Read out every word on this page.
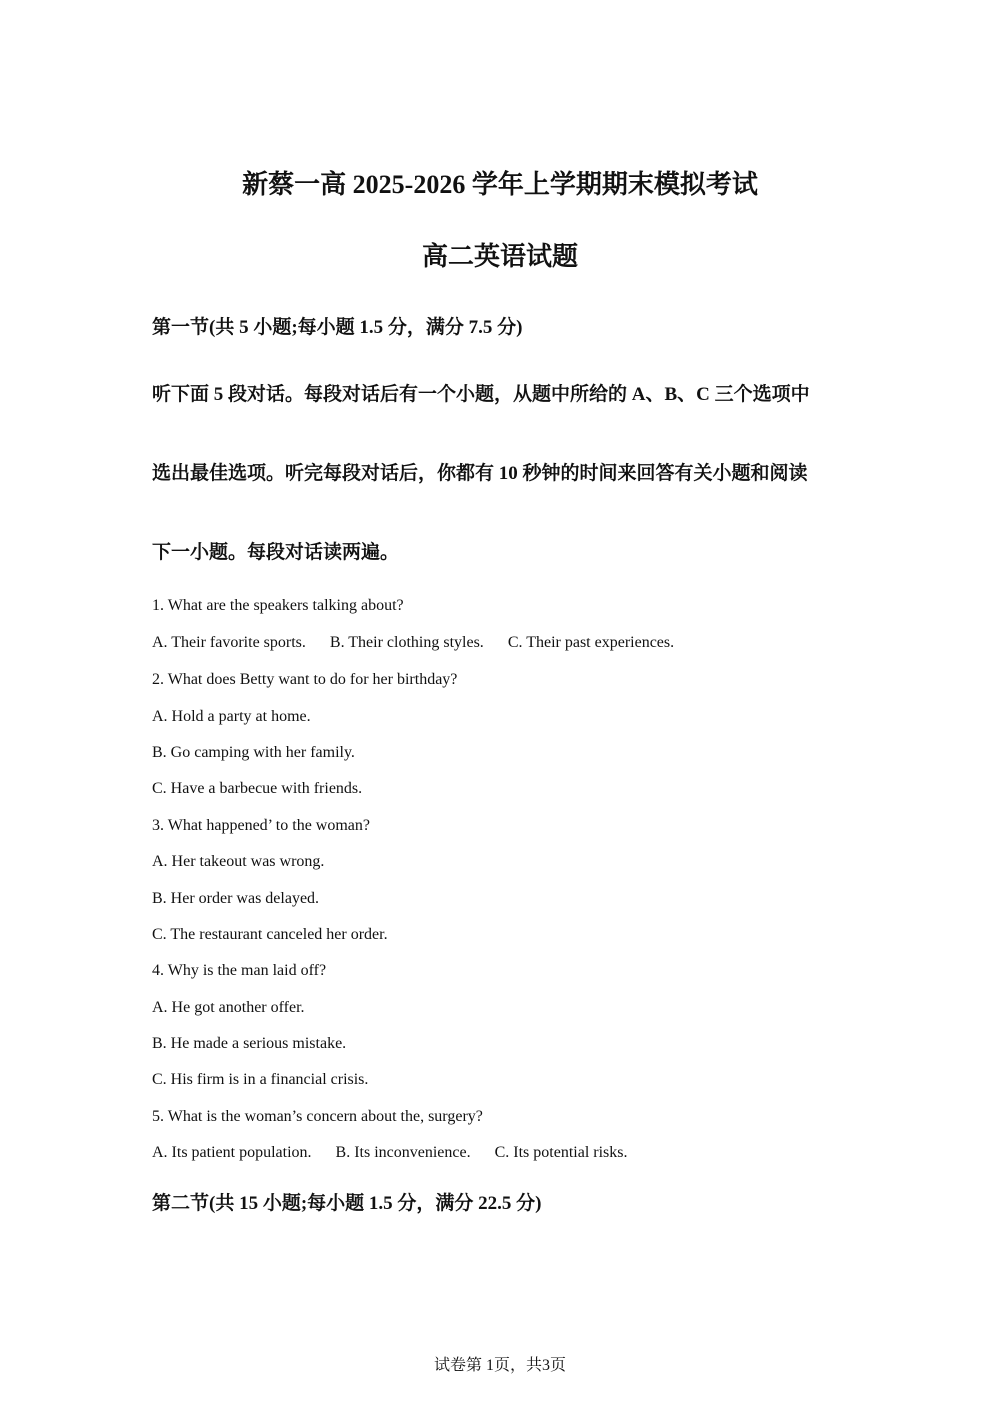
新蔡一高 2025-2026 学年上学期期末模拟考试
高二英语试题

第一节(共 5 小题;每小题 1.5 分，满分 7.5 分)

听下面 5 段对话。每段对话后有一个小题，从题中所给的 A、B、C 三个选项中

选出最佳选项。听完每段对话后，你都有 10 秒钟的时间来回答有关小题和阅读

下一小题。每段对话读两遍。

1. What are the speakers talking about?

A. Their favorite sports. B. Their clothing styles. C. Their past experiences.

2. What does Betty want to do for her birthday?

A. Hold a party at home.

B. Go camping with her family.

C. Have a barbecue with friends.

3. What happened’ to the woman?

A. Her takeout was wrong.

B. Her order was delayed.

C. The restaurant canceled her order.

4. Why is the man laid off?

A. He got another offer.

B. He made a serious mistake.

C. His firm is in a financial crisis.

5. What is the woman’s concern about the, surgery?

A. Its patient population. B. Its inconvenience. C. Its potential risks.

第二节(共 15 小题;每小题 1.5 分，满分 22.5 分)

试卷第 1页，共3页
